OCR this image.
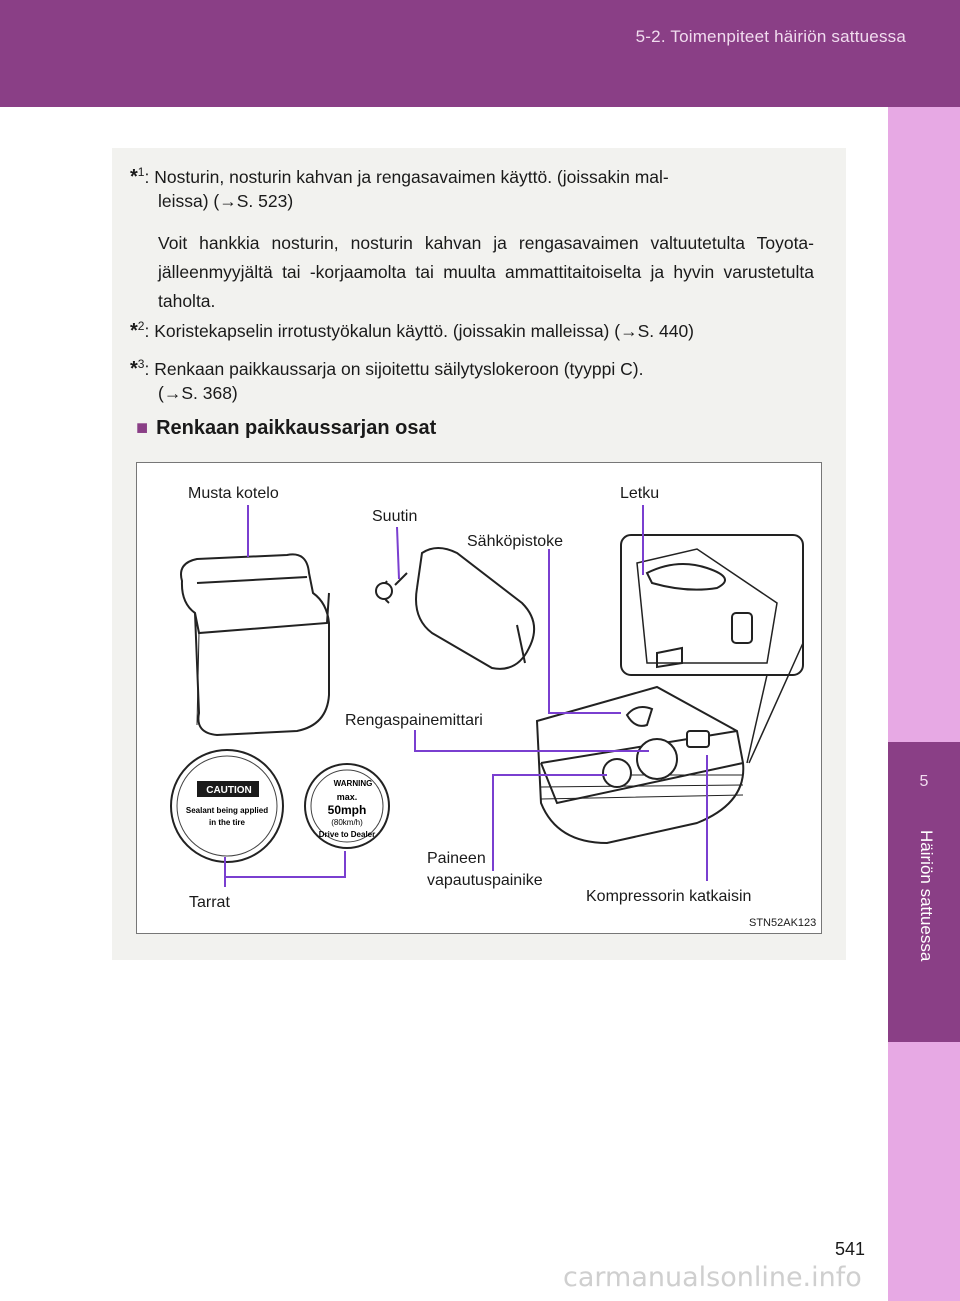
5-2. Toimenpiteet häiriön sattuessa
5
Häiriön sattuessa
*$^1$: Nosturin, nosturin kahvan ja rengasavaimen käyttö. (joissakin mal-
leissa) (→S. 523)
Voit hankkia nosturin, nosturin kahvan ja rengasavaimen valtuutetulta Toyota-jälleenmyyjältä tai -korjaamolta tai muulta ammattitaitoiselta ja hyvin varustetulta taholta.
*$^2$: Koristekapselin irrotustyökalun käyttö. (joissakin malleissa) (→S. 440)
*$^3$: Renkaan paikkaussarja on sijoitettu säilytyslokeroon (tyyppi C).
(→S. 368)
■ Renkaan paikkaussarjan osat
CAUTION
Sealant being applied
in the tire
WARNING
max.
50mph
(80km/h)
Drive to Dealer
Musta kotelo
Suutin
Letku
Sähköpistoke
Rengaspainemittari
Paineen
vapautuspainike
Kompressorin katkaisin
Tarrat
STN52AK123
541
carmanualsonline.info
